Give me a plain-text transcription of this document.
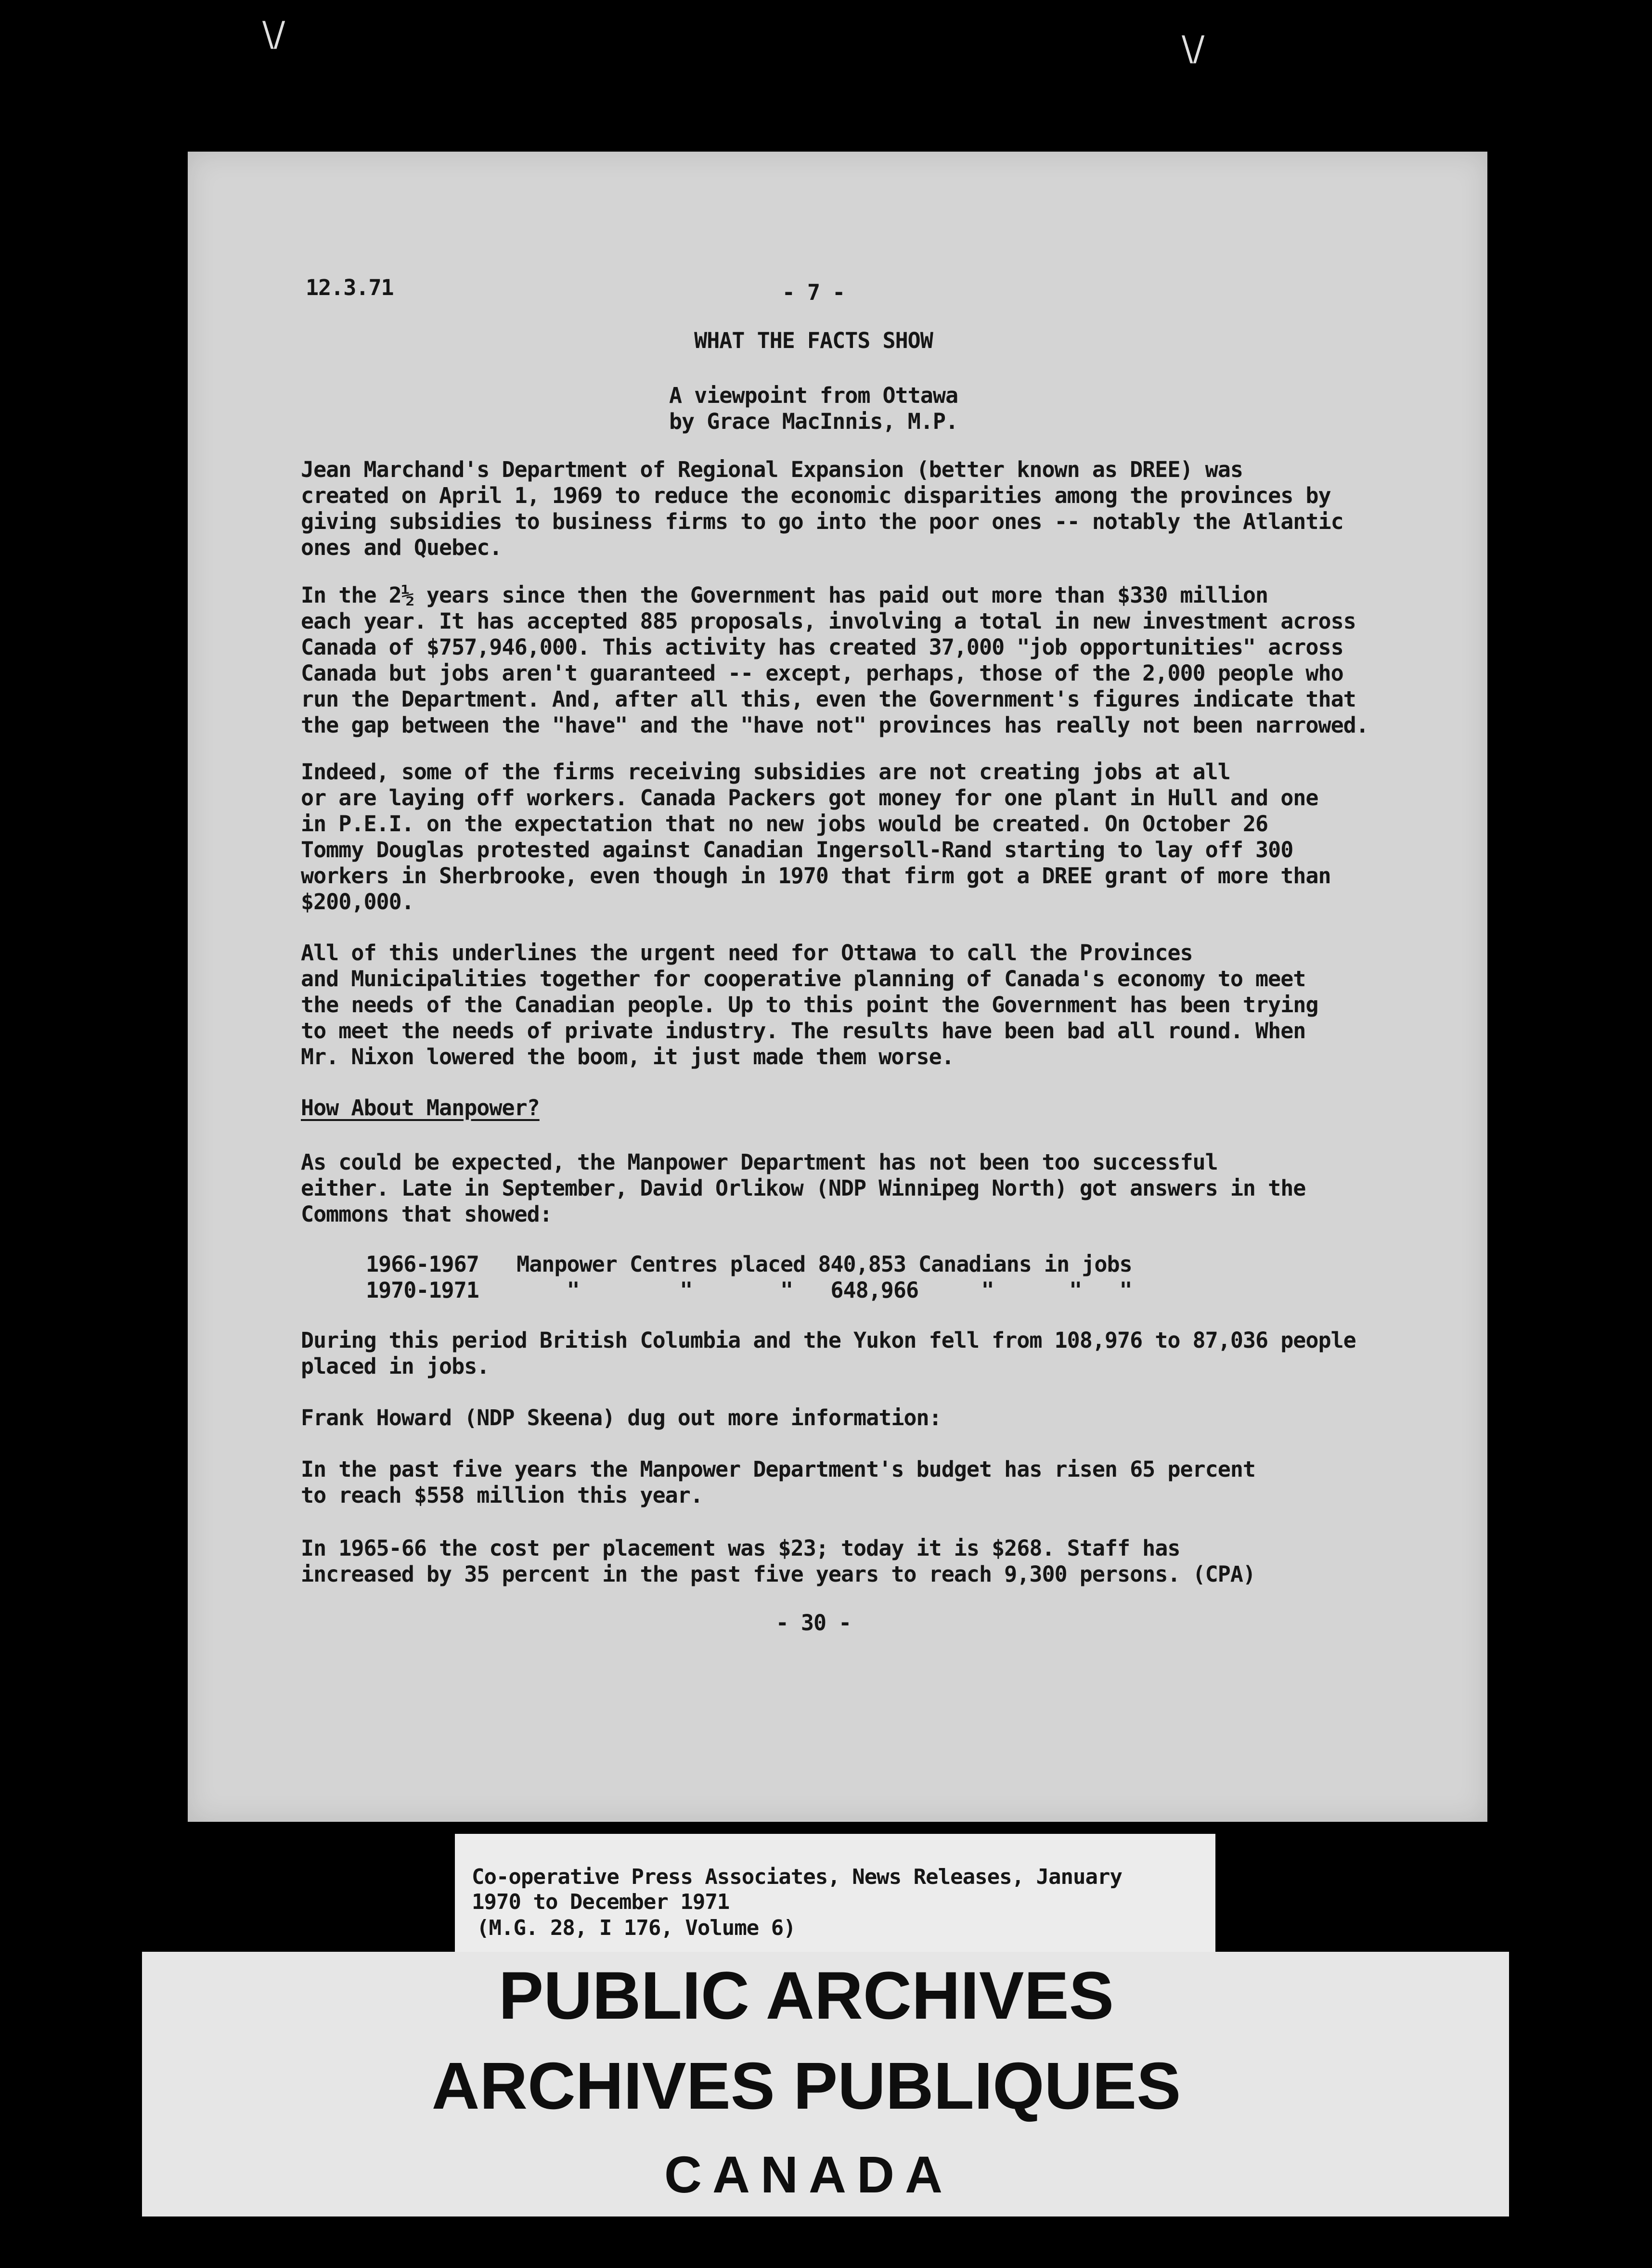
\/	\/
12.3.71	- 7 -
WHAT THE FACTS SHOW
A viewpoint from Ottawa
by Grace MacInnis, M.P.
Jean Marchand's Department of Regional Expansion (better known as DREE) was
created on April 1, 1969 to reduce the economic disparities among the provinces by
giving subsidies to business firms to go into the poor ones -- notably the Atlantic
ones and Quebec.
In the 2½ years since then the Government has paid out more than $330 million
each year. It has accepted 885 proposals, involving a total in new investment across
Canada of $757,946,000. This activity has created 37,000 "job opportunities" across
Canada but jobs aren't guaranteed -- except, perhaps, those of the 2,000 people who
run the Department. And, after all this, even the Government's figures indicate that
the gap between the "have" and the "have not" provinces has really not been narrowed.
Indeed, some of the firms receiving subsidies are not creating jobs at all
or are laying off workers. Canada Packers got money for one plant in Hull and one
in P.E.I. on the expectation that no new jobs would be created. On October 26
Tommy Douglas protested against Canadian Ingersoll-Rand starting to lay off 300
workers in Sherbrooke, even though in 1970 that firm got a DREE grant of more than
$200,000.
All of this underlines the urgent need for Ottawa to call the Provinces
and Municipalities together for cooperative planning of Canada's economy to meet
the needs of the Canadian people. Up to this point the Government has been trying
to meet the needs of private industry. The results have been bad all round. When
Mr. Nixon lowered the boom, it just made them worse.
How About Manpower?
As could be expected, the Manpower Department has not been too successful
either. Late in September, David Orlikow (NDP Winnipeg North) got answers in the
Commons that showed:
1966-1967   Manpower Centres placed 840,853 Canadians in jobs
1970-1971       "        "       "   648,966     "      "   "
During this period British Columbia and the Yukon fell from 108,976 to 87,036 people
placed in jobs.
Frank Howard (NDP Skeena) dug out more information:
In the past five years the Manpower Department's budget has risen 65 percent
to reach $558 million this year.
In 1965-66 the cost per placement was $23; today it is $268. Staff has
increased by 35 percent in the past five years to reach 9,300 persons. (CPA)
- 30 -
Co-operative Press Associates, News Releases, January
1970 to December 1971
(M.G. 28, I 176, Volume 6)
PUBLIC ARCHIVES
ARCHIVES PUBLIQUES
CANADA
